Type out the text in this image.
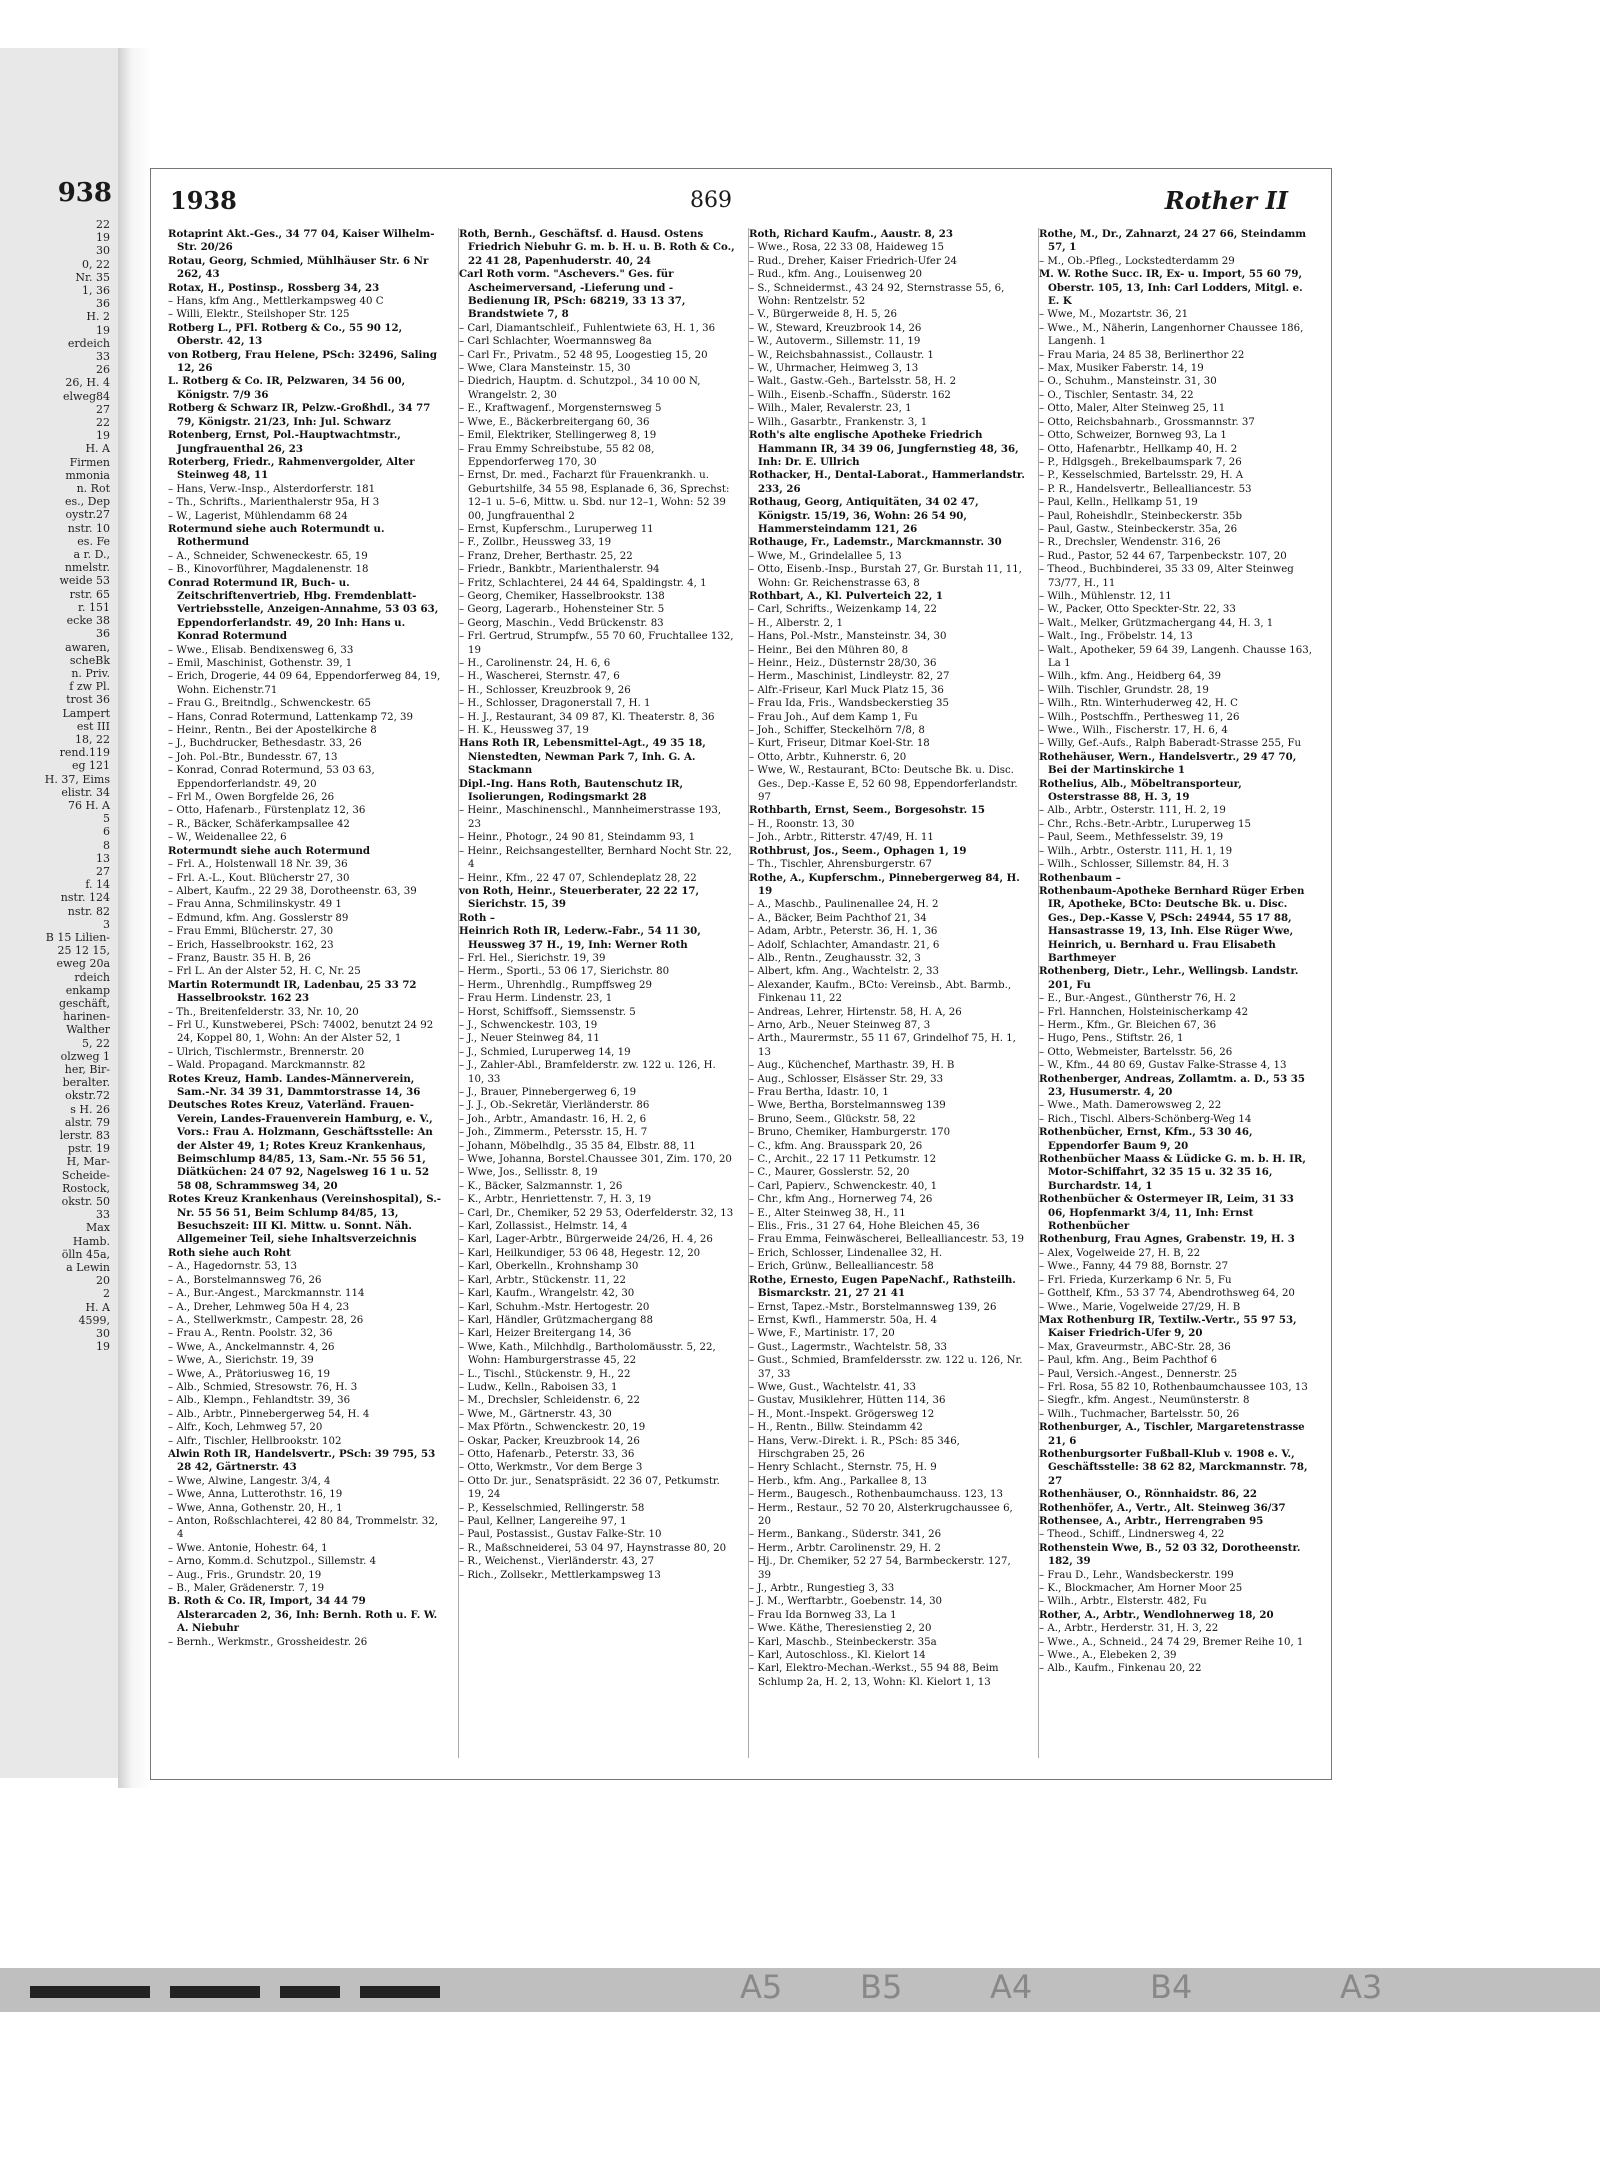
938
22
19
30
0, 22
Nr. 35
1, 36
36
H. 2
19
erdeich
33
26
26, H. 4
elweg84
27
22
19
H. A
Firmen
mmonia
n. Rot
es., Dep
oystr.27
nstr. 10
es. Fe
a r. D.,
nmelstr.
weide 53
rstr. 65
r. 151
ecke 38
36
awaren,
scheBk
n. Priv.
f zw Pl.
trost 36
Lampert
est III
18, 22
rend.119
eg 121
H. 37, Eims
elistr. 34
76 H. A
5
6
8
13
27
f. 14
nstr. 124
nstr. 82
3
B 15 Lilien-
25 12 15,
eweg 20a
rdeich
enkamp
geschäft,
harinen-
Walther
5, 22
olzweg 1
her, Bir-
beralter.
okstr.72
s H. 26
alstr. 79
lerstr. 83
pstr. 19
H, Mar-
Scheide-
Rostock,
okstr. 50
33
Max
Hamb.
ölln 45a,
a Lewin
20
2
H. A
4599,
30
19
1938	869	Rother II

Rotaprint Akt.-Ges., 34 77 04, Kaiser Wilhelm-Str. 20/26

Rotau, Georg, Schmied, Mühlhäuser Str. 6 Nr 262, 43

Rotax, H., Postinsp., Rossberg 34, 23

– Hans, kfm Ang., Mettlerkampsweg 40 C

– Willi, Elektr., Steilshoper Str. 125

Rotberg L., PFl. Rotberg & Co., 55 90 12, Oberstr. 42, 13

von Rotberg, Frau Helene, PSch: 32496, Saling 12, 26

L. Rotberg & Co. IR, Pelzwaren, 34 56 00, Königstr. 7/9 36

Rotberg & Schwarz IR, Pelzw.-Großhdl., 34 77 79, Königstr. 21/23, Inh: Jul. Schwarz

Rotenberg, Ernst, Pol.-Hauptwachtmstr., Jungfrauenthal 26, 23

Roterberg, Friedr., Rahmenvergolder, Alter Steinweg 48, 11

– Hans, Verw.-Insp., Alsterdorferstr. 181

– Th., Schrifts., Marienthalerstr 95a, H 3

– W., Lagerist, Mühlendamm 68 24

Rotermund siehe auch Rotermundt u. Rothermund

– A., Schneider, Schweneckestr. 65, 19

– B., Kinovorführer, Magdalenenstr. 18

Conrad Rotermund IR, Buch- u. Zeitschriftenvertrieb, Hbg. Fremdenblatt-Vertriebsstelle, Anzeigen-Annahme, 53 03 63, Eppendorferlandstr. 49, 20 Inh: Hans u. Konrad Rotermund

– Wwe., Elisab. Bendixensweg 6, 33

– Emil, Maschinist, Gothenstr. 39, 1

– Erich, Drogerie, 44 09 64, Eppendorferweg 84, 19, Wohn. Eichenstr.71

– Frau G., Breitndlg., Schwenckestr. 65

– Hans, Conrad Rotermund, Lattenkamp 72, 39

– Heinr., Rentn., Bei der Apostelkirche 8

– J., Buchdrucker, Bethesdastr. 33, 26

– Joh. Pol.-Btr., Bundesstr. 67, 13

– Konrad, Conrad Rotermund, 53 03 63, Eppendorferlandstr. 49, 20

– Frl M., Owen Borgfelde 26, 26

– Otto, Hafenarb., Fürstenplatz 12, 36

– R., Bäcker, Schäferkampsallee 42

– W., Weidenallee 22, 6

Rotermundt siehe auch Rotermund

– Frl. A., Holstenwall 18 Nr. 39, 36

– Frl. A.-L., Kout. Blücherstr 27, 30

– Albert, Kaufm., 22 29 38, Dorotheenstr. 63, 39

– Frau Anna, Schmilinskystr. 49 1

– Edmund, kfm. Ang. Gosslerstr 89

– Frau Emmi, Blücherstr. 27, 30

– Erich, Hasselbrookstr. 162, 23

– Franz, Baustr. 35 H. B, 26

– Frl L. An der Alster 52, H. C, Nr. 25

Martin Rotermundt IR, Ladenbau, 25 33 72 Hasselbrookstr. 162 23

– Th., Breitenfelderstr. 33, Nr. 10, 20

– Frl U., Kunstweberei, PSch: 74002, benutzt 24 92 24, Koppel 80, 1, Wohn: An der Alster 52, 1

– Ulrich, Tischlermstr., Brennerstr. 20

– Wald. Propagand. Marckmannstr. 82

Rotes Kreuz, Hamb. Landes-Männerverein, Sam.-Nr. 34 39 31, Dammtorstrasse 14, 36

Deutsches Rotes Kreuz, Vaterländ. Frauen-Verein, Landes-Frauenverein Hamburg, e. V., Vors.: Frau A. Holzmann, Geschäftsstelle: An der Alster 49, 1; Rotes Kreuz Krankenhaus, Beimschlump 84/85, 13, Sam.-Nr. 55 56 51, Diätküchen: 24 07 92, Nagelsweg 16 1 u. 52 58 08, Schrammsweg 34, 20

Rotes Kreuz Krankenhaus (Vereinshospital), S.-Nr. 55 56 51, Beim Schlump 84/85, 13, Besuchszeit: III Kl. Mittw. u. Sonnt. Näh. Allgemeiner Teil, siehe Inhaltsverzeichnis

Roth siehe auch Roht

– A., Hagedornstr. 53, 13

– A., Borstelmannsweg 76, 26

– A., Bur.-Angest., Marckmannstr. 114

– A., Dreher, Lehmweg 50a H 4, 23

– A., Stellwerkmstr., Campestr. 28, 26

– Frau A., Rentn. Poolstr. 32, 36

– Wwe, A., Anckelmannstr. 4, 26

– Wwe, A., Sierichstr. 19, 39

– Wwe, A., Prätoriusweg 16, 19

– Alb., Schmied, Stresowstr. 76, H. 3

– Alb., Klempn., Fehlandtstr. 39, 36

– Alb., Arbtr., Pinnebergerweg 54, H. 4

– Alfr., Koch, Lehmweg 57, 20

– Alfr., Tischler, Hellbrookstr. 102

Alwin Roth IR, Handelsvertr., PSch: 39 795, 53 28 42, Gärtnerstr. 43

– Wwe, Alwine, Langestr. 3/4, 4

– Wwe, Anna, Lutterothstr. 16, 19

– Wwe, Anna, Gothenstr. 20, H., 1

– Anton, Roßschlachterei, 42 80 84, Trommelstr. 32, 4

– Wwe. Antonie, Hohestr. 64, 1

– Arno, Komm.d. Schutzpol., Sillemstr. 4

– Aug., Fris., Grundstr. 20, 19

– B., Maler, Grädenerstr. 7, 19

B. Roth & Co. IR, Import, 34 44 79 Alsterarcaden 2, 36, Inh: Bernh. Roth u. F. W. A. Niebuhr

– Bernh., Werkmstr., Grossheidestr. 26

Roth, Bernh., Geschäftsf. d. Hausd. Ostens Friedrich Niebuhr G. m. b. H. u. B. Roth & Co., 22 41 28, Papenhuderstr. 40, 24

Carl Roth vorm. "Aschevers." Ges. für Ascheimerversand, -Lieferung und -Bedienung IR, PSch: 68219, 33 13 37, Brandstwiete 7, 8

– Carl, Diamantschleif., Fuhlentwiete 63, H. 1, 36

– Carl Schlachter, Woermannsweg 8a

– Carl Fr., Privatm., 52 48 95, Loogestieg 15, 20

– Wwe, Clara Mansteinstr. 15, 30

– Diedrich, Hauptm. d. Schutzpol., 34 10 00 N, Wrangelstr. 2, 30

– E., Kraftwagenf., Morgensternsweg 5

– Wwe, E., Bäckerbreitergang 60, 36

– Emil, Elektriker, Stellingerweg 8, 19

– Frau Emmy Schreibstube, 55 82 08, Eppendorferweg 170, 30

– Ernst, Dr. med., Facharzt für Frauenkrankh. u. Geburtshilfe, 34 55 98, Esplanade 6, 36, Sprechst: 12–1 u. 5–6, Mittw. u. Sbd. nur 12–1, Wohn: 52 39 00, Jungfrauenthal 2

– Ernst, Kupferschm., Luruperweg 11

– F., Zollbr., Heussweg 33, 19

– Franz, Dreher, Berthastr. 25, 22

– Friedr., Bankbtr., Marienthalerstr. 94

– Fritz, Schlachterei, 24 44 64, Spaldingstr. 4, 1

– Georg, Chemiker, Hasselbrookstr. 138

– Georg, Lagerarb., Hohensteiner Str. 5

– Georg, Maschin., Vedd Brückenstr. 83

– Frl. Gertrud, Strumpfw., 55 70 60, Fruchtallee 132, 19

– H., Carolinenstr. 24, H. 6, 6

– H., Wascherei, Sternstr. 47, 6

– H., Schlosser, Kreuzbrook 9, 26

– H., Schlosser, Dragonerstall 7, H. 1

– H. J., Restaurant, 34 09 87, Kl. Theaterstr. 8, 36

– H. K., Heussweg 37, 19

Hans Roth IR, Lebensmittel-Agt., 49 35 18, Nienstedten, Newman Park 7, Inh. G. A. Stackmann

Dipl.-Ing. Hans Roth, Bautenschutz IR, Isolierungen, Rodingsmarkt 28

– Heinr., Maschinenschl., Mannheimerstrasse 193, 23

– Heinr., Photogr., 24 90 81, Steindamm 93, 1

– Heinr., Reichsangestellter, Bernhard Nocht Str. 22, 4

– Heinr., Kfm., 22 47 07, Schlendeplatz 28, 22

von Roth, Heinr., Steuerberater, 22 22 17, Sierichstr. 15, 39

Roth –

Heinrich Roth IR, Lederw.-Fabr., 54 11 30, Heussweg 37 H., 19, Inh: Werner Roth

– Frl. Hel., Sierichstr. 19, 39

– Herm., Sporti., 53 06 17, Sierichstr. 80

– Herm., Uhrenhdlg., Rumpffsweg 29

– Frau Herm. Lindenstr. 23, 1

– Horst, Schiffsoff., Siemssenstr. 5

– J., Schwenckestr. 103, 19

– J., Neuer Steinweg 84, 11

– J., Schmied, Luruperweg 14, 19

– J., Zahler-Abl., Bramfelderstr. zw. 122 u. 126, H. 10, 33

– J., Brauer, Pinnebergerweg 6, 19

– J. J., Ob.-Sekretär, Vierländerstr. 86

– Joh., Arbtr., Amandastr. 16, H. 2, 6

– Joh., Zimmerm., Petersstr. 15, H. 7

– Johann, Möbelhdlg., 35 35 84, Elbstr. 88, 11

– Wwe, Johanna, Borstel.Chaussee 301, Zim. 170, 20

– Wwe, Jos., Sellisstr. 8, 19

– K., Bäcker, Salzmannstr. 1, 26

– K., Arbtr., Henriettenstr. 7, H. 3, 19

– Carl, Dr., Chemiker, 52 29 53, Oderfelderstr. 32, 13

– Karl, Zollassist., Helmstr. 14, 4

– Karl, Lager-Arbtr., Bürgerweide 24/26, H. 4, 26

– Karl, Heilkundiger, 53 06 48, Hegestr. 12, 20

– Karl, Oberkelln., Krohnshamp 30

– Karl, Arbtr., Stückenstr. 11, 22

– Karl, Kaufm., Wrangelstr. 42, 30

– Karl, Schuhm.-Mstr. Hertogestr. 20

– Karl, Händler, Grützmachergang 88

– Karl, Heizer Breitergang 14, 36

– Wwe, Kath., Milchhdlg., Bartholomäusstr. 5, 22, Wohn: Hamburgerstrasse 45, 22

– L., Tischl., Stückenstr. 9, H., 22

– Ludw., Kelln., Raboisen 33, 1

– M., Drechsler, Schleidenstr. 6, 22

– Wwe, M., Gärtnerstr. 43, 30

– Max Pförtn., Schwenckestr. 20, 19

– Oskar, Packer, Kreuzbrook 14, 26

– Otto, Hafenarb., Peterstr. 33, 36

– Otto, Werkmstr., Vor dem Berge 3

– Otto Dr. jur., Senatspräsidt. 22 36 07, Petkumstr. 19, 24

– P., Kesselschmied, Rellingerstr. 58

– Paul, Kellner, Langereihe 97, 1

– Paul, Postassist., Gustav Falke-Str. 10

– R., Maßschneiderei, 53 04 97, Haynstrasse 80, 20

– R., Weichenst., Vierländerstr. 43, 27

– Rich., Zollsekr., Mettlerkampsweg 13

Roth, Richard Kaufm., Aaustr. 8, 23

– Wwe., Rosa, 22 33 08, Haideweg 15

– Rud., Dreher, Kaiser Friedrich-Ufer 24

– Rud., kfm. Ang., Louisenweg 20

– S., Schneidermst., 43 24 92, Sternstrasse 55, 6, Wohn: Rentzelstr. 52

– V., Bürgerweide 8, H. 5, 26

– W., Steward, Kreuzbrook 14, 26

– W., Autoverm., Sillemstr. 11, 19

– W., Reichsbahnassist., Collaustr. 1

– W., Uhrmacher, Heimweg 3, 13

– Walt., Gastw.-Geh., Bartelsstr. 58, H. 2

– Wilh., Eisenb.-Schaffn., Süderstr. 162

– Wilh., Maler, Revalerstr. 23, 1

– Wilh., Gasarbtr., Frankenstr. 3, 1

Roth's alte englische Apotheke Friedrich Hammann IR, 34 39 06, Jungfernstieg 48, 36, Inh: Dr. E. Ullrich

Rothacker, H., Dental-Laborat., Hammerlandstr. 233, 26

Rothaug, Georg, Antiquitäten, 34 02 47, Königstr. 15/19, 36, Wohn: 26 54 90, Hammersteindamm 121, 26

Rothauge, Fr., Lademstr., Marckmannstr. 30

– Wwe, M., Grindelallee 5, 13

– Otto, Eisenb.-Insp., Burstah 27, Gr. Burstah 11, 11, Wohn: Gr. Reichenstrasse 63, 8

Rothbart, A., Kl. Pulverteich 22, 1

– Carl, Schrifts., Weizenkamp 14, 22

– H., Alberstr. 2, 1

– Hans, Pol.-Mstr., Mansteinstr. 34, 30

– Heinr., Bei den Mühren 80, 8

– Heinr., Heiz., Düsternstr 28/30, 36

– Herm., Maschinist, Lindleystr. 82, 27

– Alfr.-Friseur, Karl Muck Platz 15, 36

– Frau Ida, Fris., Wandsbeckerstieg 35

– Frau Joh., Auf dem Kamp 1, Fu

– Joh., Schiffer, Steckelhörn 7/8, 8

– Kurt, Friseur, Ditmar Koel-Str. 18

– Otto, Arbtr., Kuhnerstr. 6, 20

– Wwe, W., Restaurant, BCto: Deutsche Bk. u. Disc. Ges., Dep.-Kasse E, 52 60 98, Eppendorferlandstr. 97

Rothbarth, Ernst, Seem., Borgesohstr. 15

– H., Roonstr. 13, 30

– Joh., Arbtr., Ritterstr. 47/49, H. 11

Rothbrust, Jos., Seem., Ophagen 1, 19

– Th., Tischler, Ahrensburgerstr. 67

Rothe, A., Kupferschm., Pinnebergerweg 84, H. 19

– A., Maschb., Paulinenallee 24, H. 2

– A., Bäcker, Beim Pachthof 21, 34

– Adam, Arbtr., Peterstr. 36, H. 1, 36

– Adolf, Schlachter, Amandastr. 21, 6

– Alb., Rentn., Zeughausstr. 32, 3

– Albert, kfm. Ang., Wachtelstr. 2, 33

– Alexander, Kaufm., BCto: Vereinsb., Abt. Barmb., Finkenau 11, 22

– Andreas, Lehrer, Hirtenstr. 58, H. A, 26

– Arno, Arb., Neuer Steinweg 87, 3

– Arth., Maurermstr., 55 11 67, Grindelhof 75, H. 1, 13

– Aug., Küchenchef, Marthastr. 39, H. B

– Aug., Schlosser, Elsässer Str. 29, 33

– Frau Bertha, Idastr. 10, 1

– Wwe, Bertha, Borstelmannsweg 139

– Bruno, Seem., Glückstr. 58, 22

– Bruno, Chemiker, Hamburgerstr. 170

– C., kfm. Ang. Brausspark 20, 26

– C., Archit., 22 17 11 Petkumstr. 12

– C., Maurer, Gosslerstr. 52, 20

– Carl, Papierv., Schwenckestr. 40, 1

– Chr., kfm Ang., Hornerweg 74, 26

– E., Alter Steinweg 38, H., 11

– Elis., Fris., 31 27 64, Hohe Bleichen 45, 36

– Frau Emma, Feinwäscherei, Bellealliancestr. 53, 19

– Erich, Schlosser, Lindenallee 32, H.

– Erich, Grünw., Bellealliancestr. 58

Rothe, Ernesto, Eugen PapeNachf., Rathsteilh. Bismarckstr. 21, 27 21 41

– Ernst, Tapez.-Mstr., Borstelmannsweg 139, 26

– Ernst, Kwfl., Hammerstr. 50a, H. 4

– Wwe, F., Martinistr. 17, 20

– Gust., Lagermstr., Wachtelstr. 58, 33

– Gust., Schmied, Bramfeldersstr. zw. 122 u. 126, Nr. 37, 33

– Wwe, Gust., Wachtelstr. 41, 33

– Gustav, Musiklehrer, Hütten 114, 36

– H., Mont.-Inspekt. Grögersweg 12

– H., Rentn., Billw. Steindamm 42

– Hans, Verw.-Direkt. i. R., PSch: 85 346, Hirschgraben 25, 26

– Henry Schlacht., Sternstr. 75, H. 9

– Herb., kfm. Ang., Parkallee 8, 13

– Herm., Baugesch., Rothenbaumchauss. 123, 13

– Herm., Restaur., 52 70 20, Alsterkrugchaussee 6, 20

– Herm., Bankang., Süderstr. 341, 26

– Herm., Arbtr. Carolinenstr. 29, H. 2

– Hj., Dr. Chemiker, 52 27 54, Barmbeckerstr. 127, 39

– J., Arbtr., Rungestieg 3, 33

– J. M., Werftarbtr., Goebenstr. 14, 30

– Frau Ida Bornweg 33, La 1

– Wwe. Käthe, Theresienstieg 2, 20

– Karl, Maschb., Steinbeckerstr. 35a

– Karl, Autoschloss., Kl. Kielort 14

– Karl, Elektro-Mechan.-Werkst., 55 94 88, Beim Schlump 2a, H. 2, 13, Wohn: Kl. Kielort 1, 13

Rothe, M., Dr., Zahnarzt, 24 27 66, Steindamm 57, 1

– M., Ob.-Pfleg., Lockstedterdamm 29

M. W. Rothe Succ. IR, Ex- u. Import, 55 60 79, Oberstr. 105, 13, Inh: Carl Lodders, Mitgl. e. E. K

– Wwe, M., Mozartstr. 36, 21

– Wwe., M., Näherin, Langenhorner Chaussee 186, Langenh. 1

– Frau Maria, 24 85 38, Berlinerthor 22

– Max, Musiker Faberstr. 14, 19

– O., Schuhm., Mansteinstr. 31, 30

– O., Tischler, Sentastr. 34, 22

– Otto, Maler, Alter Steinweg 25, 11

– Otto, Reichsbahnarb., Grossmannstr. 37

– Otto, Schweizer, Bornweg 93, La 1

– Otto, Hafenarbtr., Hellkamp 40, H. 2

– P., Hdlgsgeh., Brekelbaumspark 7, 26

– P., Kesselschmied, Bartelsstr. 29, H. A

– P. R., Handelsvertr., Bellealliancestr. 53

– Paul, Kelln., Hellkamp 51, 19

– Paul, Roheishdlr., Steinbeckerstr. 35b

– Paul, Gastw., Steinbeckerstr. 35a, 26

– R., Drechsler, Wendenstr. 316, 26

– Rud., Pastor, 52 44 67, Tarpenbeckstr. 107, 20

– Theod., Buchbinderei, 35 33 09, Alter Steinweg 73/77, H., 11

– Wilh., Mühlenstr. 12, 11

– W., Packer, Otto Speckter-Str. 22, 33

– Walt., Melker, Grützmachergang 44, H. 3, 1

– Walt., Ing., Fröbelstr. 14, 13

– Walt., Apotheker, 59 64 39, Langenh. Chausse 163, La 1

– Wilh., kfm. Ang., Heidberg 64, 39

– Wilh. Tischler, Grundstr. 28, 19

– Wilh., Rtn. Winterhuderweg 42, H. C

– Wilh., Postschffn., Perthesweg 11, 26

– Wwe., Wilh., Fischerstr. 17, H. 6, 4

– Willy, Gef.-Aufs., Ralph Baberadt-Strasse 255, Fu

Rothehäuser, Wern., Handelsvertr., 29 47 70, Bei der Martinskirche 1

Rothelius, Alb., Möbeltransporteur, Osterstrasse 88, H. 3, 19

– Alb., Arbtr., Osterstr. 111, H. 2, 19

– Chr., Rchs.-Betr.-Arbtr., Luruperweg 15

– Paul, Seem., Methfesselstr. 39, 19

– Wilh., Arbtr., Osterstr. 111, H. 1, 19

– Wilh., Schlosser, Sillemstr. 84, H. 3

Rothenbaum –

Rothenbaum-Apotheke Bernhard Rüger Erben IR, Apotheke, BCto: Deutsche Bk. u. Disc. Ges., Dep.-Kasse V, PSch: 24944, 55 17 88, Hansastrasse 19, 13, Inh. Else Rüger Wwe, Heinrich, u. Bernhard u. Frau Elisabeth Barthmeyer

Rothenberg, Dietr., Lehr., Wellingsb. Landstr. 201, Fu

– E., Bur.-Angest., Güntherstr 76, H. 2

– Frl. Hannchen, Holsteinischerkamp 42

– Herm., Kfm., Gr. Bleichen 67, 36

– Hugo, Pens., Stiftstr. 26, 1

– Otto, Webmeister, Bartelsstr. 56, 26

– W., Kfm., 44 80 69, Gustav Falke-Strasse 4, 13

Rothenberger, Andreas, Zollamtm. a. D., 53 35 23, Husumerstr. 4, 20

– Wwe., Math. Damerowsweg 2, 22

– Rich., Tischl. Albers-Schönberg-Weg 14

Rothenbücher, Ernst, Kfm., 53 30 46, Eppendorfer Baum 9, 20

Rothenbücher Maass & Lüdicke G. m. b. H. IR, Motor-Schiffahrt, 32 35 15 u. 32 35 16, Burchardstr. 14, 1

Rothenbücher & Ostermeyer IR, Leim, 31 33 06, Hopfenmarkt 3/4, 11, Inh: Ernst Rothenbücher

Rothenburg, Frau Agnes, Grabenstr. 19, H. 3

– Alex, Vogelweide 27, H. B, 22

– Wwe., Fanny, 44 79 88, Bornstr. 27

– Frl. Frieda, Kurzerkamp 6 Nr. 5, Fu

– Gotthelf, Kfm., 53 37 74, Abendrothsweg 64, 20

– Wwe., Marie, Vogelweide 27/29, H. B

Max Rothenburg IR, Textilw.-Vertr., 55 97 53, Kaiser Friedrich-Ufer 9, 20

– Max, Graveurmstr., ABC-Str. 28, 36

– Paul, kfm. Ang., Beim Pachthof 6

– Paul, Versich.-Angest., Dennerstr. 25

– Frl. Rosa, 55 82 10, Rothenbaumchaussee 103, 13

– Siegfr., kfm. Angest., Neumünsterstr. 8

– Wilh., Tuchmacher, Bartelsstr. 50, 26

Rothenburger, A., Tischler, Margaretenstrasse 21, 6

Rothenburgsorter Fußball-Klub v. 1908 e. V., Geschäftsstelle: 38 62 82, Marckmannstr. 78, 27

Rothenhäuser, O., Rönnhaidstr. 86, 22

Rothenhöfer, A., Vertr., Alt. Steinweg 36/37

Rothensee, A., Arbtr., Herrengraben 95

– Theod., Schiff., Lindnersweg 4, 22

Rothenstein Wwe, B., 52 03 32, Dorotheenstr. 182, 39

– Frau D., Lehr., Wandsbeckerstr. 199

– K., Blockmacher, Am Horner Moor 25

– Wilh., Arbtr., Elsterstr. 482, Fu

Rother, A., Arbtr., Wendlohnerweg 18, 20

– A., Arbtr., Herderstr. 31, H. 3, 22

– Wwe., A., Schneid., 24 74 29, Bremer Reihe 10, 1

– Wwe., A., Elebeken 2, 39

– Alb., Kaufm., Finkenau 20, 22

A5 B5	A4	B4	A3
